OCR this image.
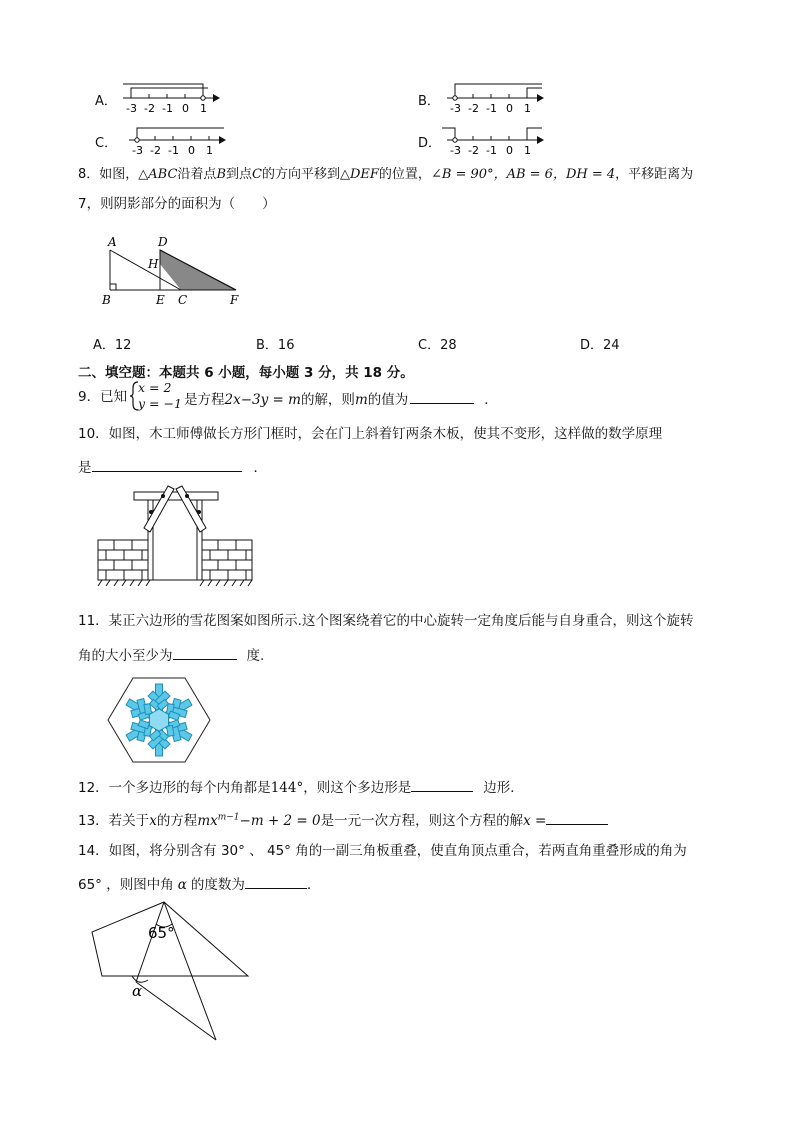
A． -3 -2 -1 0 1	B． -3 -2 -1 0 1
C． -3 -2 -1 0 1	D． -3 -2 -1 0 1
8．如图，△ABC沿着点B到点C的方向平移到△DEF的位置，∠B = 90°，AB = 6，DH = 4，平移距离为
7，则阴影部分的面积为（　　）
A	D
H
B	E C	F
A．12	B．16	C．28	D．24
二、填空题：本题共 6 小题，每小题 3 分，共 18 分。
9．已知
x = 2
y = −1 是方程2x−3y = m的解，则m的值为	．
10．如图，木工师傅做长方形门框时，会在门上斜着钉两条木板，使其不变形，这样做的数学原理
是	．
11．某正六边形的雪花图案如图所示.这个图案绕着它的中心旋转一定角度后能与自身重合，则这个旋转
角的大小至少为	度.
12．一个多边形的每个内角都是144°，则这个多边形是	边形．
13．若关于x的方程$mx^{m-1}-m + 2 = 0$是一元一次方程，则这个方程的解x =
14．如图，将分别含有 30° 、 45° 角的一副三角板重叠，使直角顶点重合，若两直角重叠形成的角为
65° ，则图中角 α 的度数为	.
65°
α
